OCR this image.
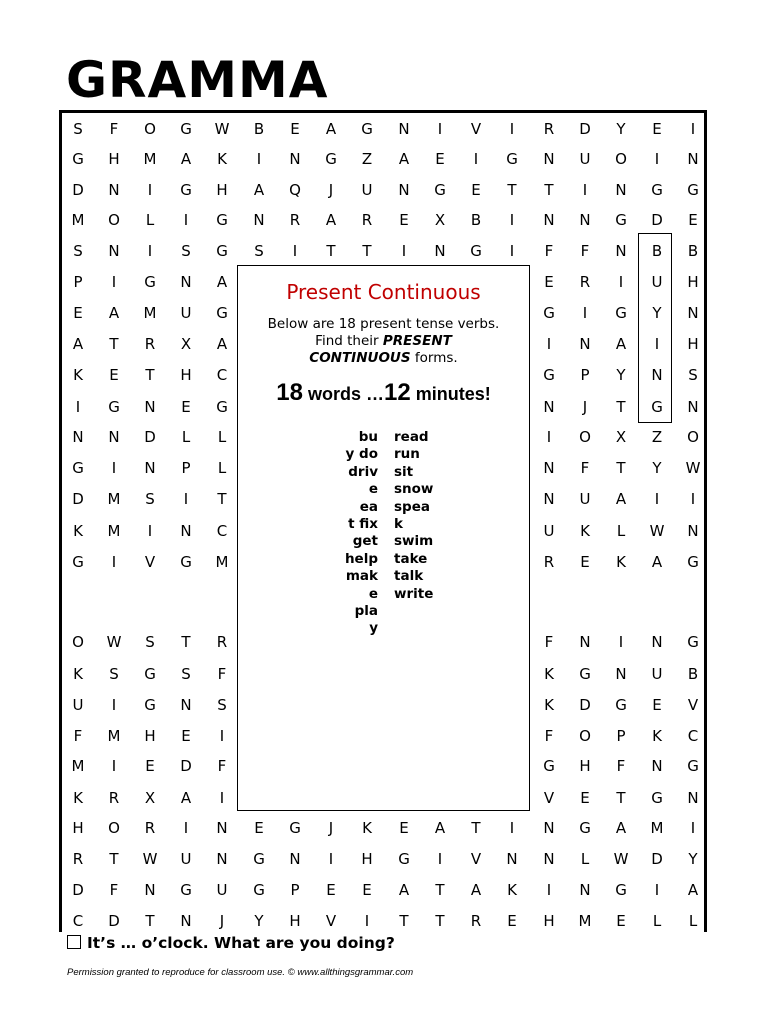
GRAMMA
S	F	O	G	W	B	E	A	G	N	I	V	I	R	D	Y	E	I
G	H	M	A	K	I	N	G	Z	A	E	I	G	N	U	O	I	N
D	N	I	G	H	A	Q	J	U	N	G	E	T	T	I	N	G	G
M	O	L	I	G	N	R	A	R	E	X	B	I	N	N	G	D	E
S	N	I	S	G	S	I	T	T	I	N	G	I	F	F	N	B	B
P	I	G	N	A	E	R	I	U	H
E	A	M	U	G	G	I	G	Y	N
A	T	R	X	A	I	N	A	I	H
K	E	T	H	C	G	P	Y	N	S
I	G	N	E	G	N	J	T	G	N
N	N	D	L	L	I	O	X	Z	O
G	I	N	P	L	N	F	T	Y	W
D	M	S	I	T	N	U	A	I	I
K	M	I	N	C	U	K	L	W	N
G	I	V	G	M	R	E	K	A	G
O	W	S	T	R	F	N	I	N	G
K	S	G	S	F	K	G	N	U	B
U	I	G	N	S	K	D	G	E	V
F	M	H	E	I	F	O	P	K	C
M	I	E	D	F	G	H	F	N	G
K	R	X	A	I	V	E	T	G	N
H	O	R	I	N	E	G	J	K	E	A	T	I	N	G	A	M	I
R	T	W	U	N	G	N	I	H	G	I	V	N	N	L	W	D	Y
D	F	N	G	U	G	P	E	E	A	T	A	K	I	N	G	I	A
C	D	T	N	J	Y	H	V	I	T	T	R	E	H	M	E	L	L
Present Continuous
Below are 18 present tense verbs.
Find their PRESENT
CONTINUOUS forms.
18 words …12 minutes!
bu
y do
driv
e
ea
t fix
get
help
mak
e
pla
y
read
run
sit
snow
spea
k
swim
take
talk
write
It’s … o’clock. What are you doing?
Permission granted to reproduce for classroom use. © www.allthingsgrammar.com
